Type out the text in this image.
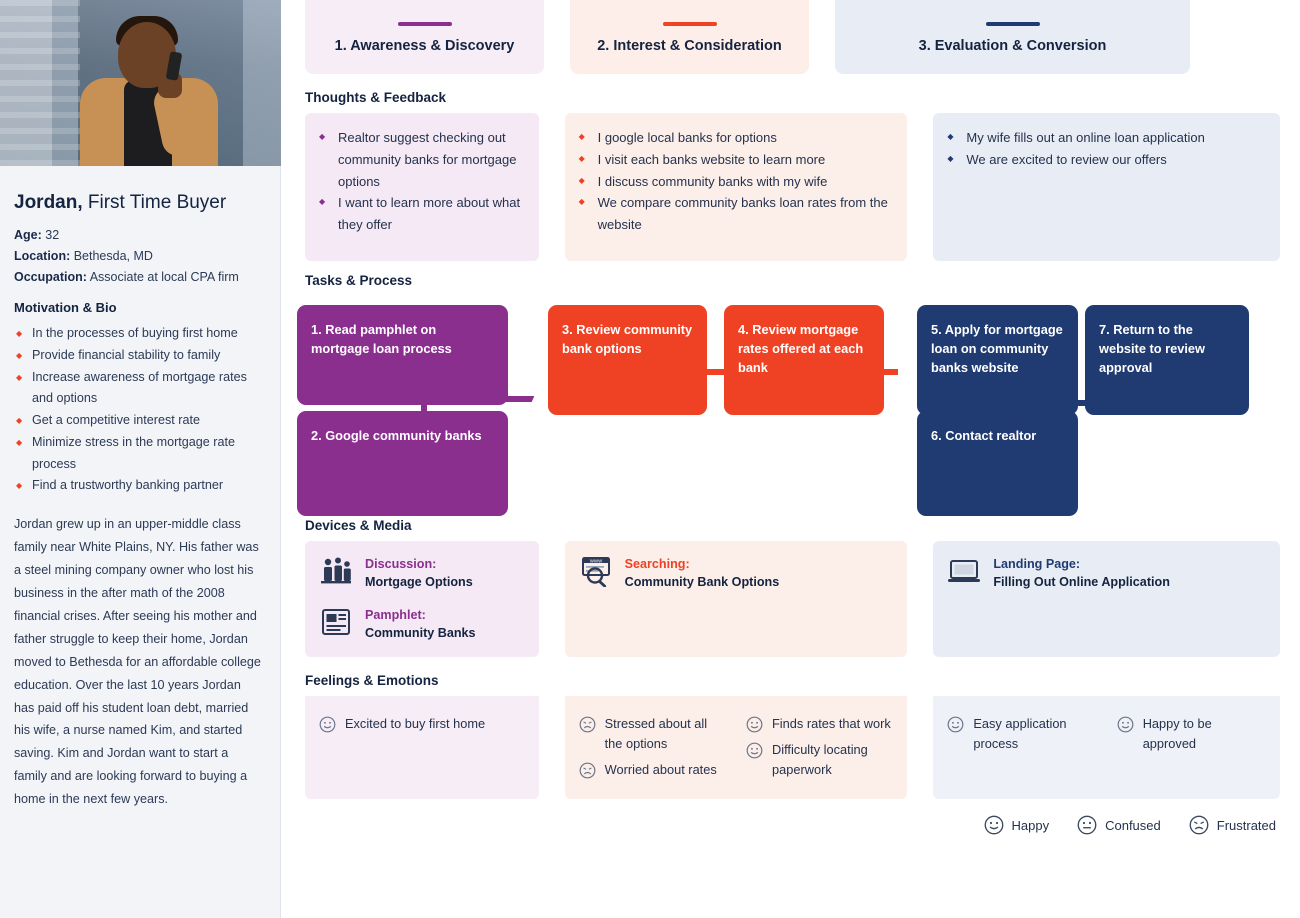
Jordan, First Time Buyer
Age: 32
Location: Bethesda, MD
Occupation: Associate at local CPA firm
Motivation & Bio
◆ In the processes of buying first home
◆ Provide financial stability to family
◆ Increase awareness of mortgage rates and options
◆ Get a competitive interest rate
◆ Minimize stress in the mortgage rate process
◆ Find a trustworthy banking partner
Jordan grew up in an upper-middle class family near White Plains, NY. His father was a steel mining company owner who lost his business in the after math of the 2008 financial crises. After seeing his mother and father struggle to keep their home, Jordan moved to Bethesda for an affordable college education. Over the last 10 years Jordan has paid off his student loan debt, married his wife, a nurse named Kim, and started saving. Kim and Jordan want to start a family and are looking forward to buying a home in the next few years.
1. Awareness & Discovery	2. Interest & Consideration	3. Evaluation & Conversion
Thoughts & Feedback
◆ Realtor suggest checking out community banks for mortgage options
◆ I want to learn more about what they offer
◆ I google local banks for options
◆ I visit each banks website to learn more
◆ I discuss community banks with my wife
◆ We compare community banks loan rates from the website
◆ My wife fills out an online loan application
◆ We are excited to review our offers
Tasks & Process
1. Read pamphlet on mortgage loan process
2. Google community banks
3. Review community bank options
4. Review mortgage rates offered at each bank
5. Apply for mortgage loan on community banks website
6. Contact realtor
7. Return to the website to review approval
Devices & Media
Discussion:
Mortgage Options
Pamphlet:
Community Banks
WWW Searching:
Community Bank Options
Landing Page:
Filling Out Online Application
Feelings & Emotions
Excited to buy first home	Stressed about all the options
Worried about rates
Finds rates that work
Difficulty locating paperwork
Easy application process
Happy to be approved
Happy	Confused	Frustrated
